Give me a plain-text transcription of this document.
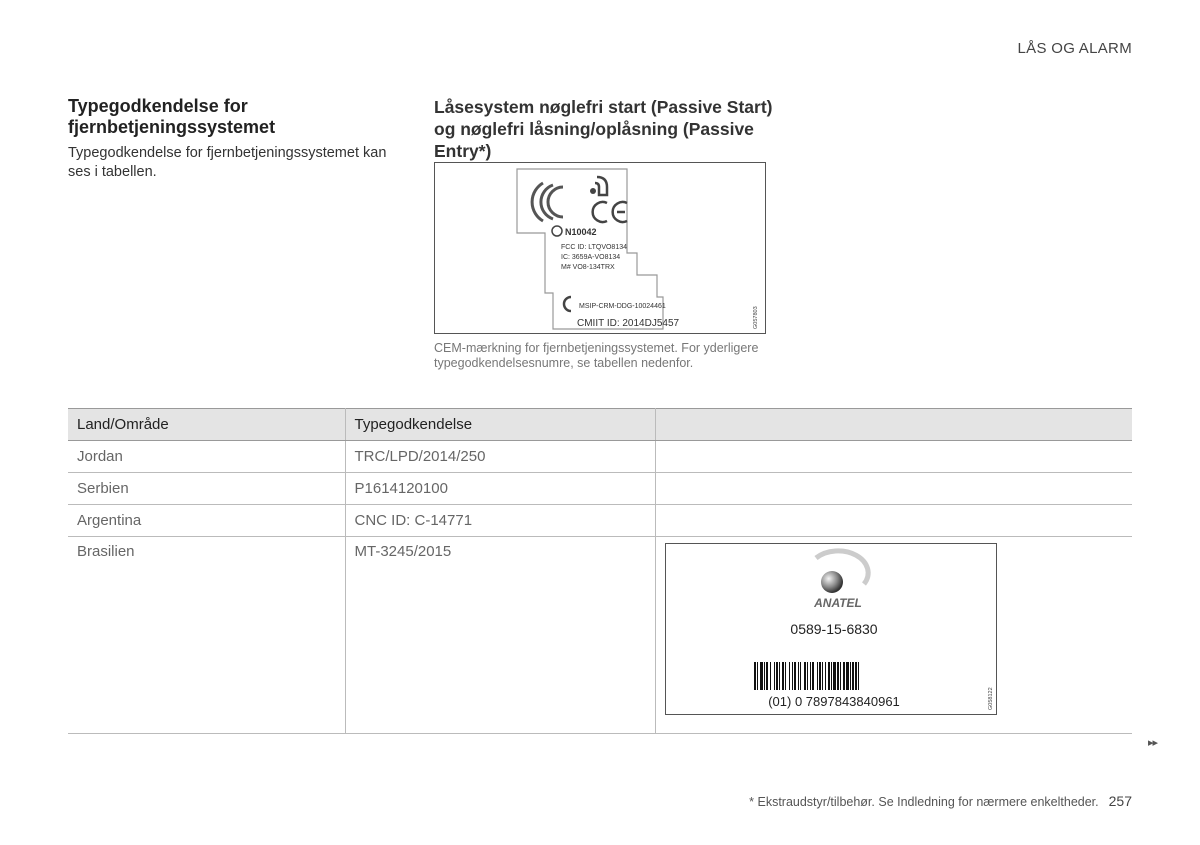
LÅS OG ALARM
Typegodkendelse for fjernbetjeningssystemet

Typegodkendelse for fjernbetjeningssystemet kan ses i tabellen.

Låsesystem nøglefri start (Passive Start) og nøglefri låsning/oplåsning (Passive Entry*)
N10042
FCC ID: LTQVO8134
IC: 3659A-VO8134
M# VO8-134TRX
MSIP-CRM-DDG-10024461
CMIIT ID: 2014DJ5457	G057803
CEM-mærkning for fjernbetjeningssystemet. For yderligere typegodkendelsesnumre, se tabellen nedenfor.
Land/Område	Typegodkendelse	
Jordan	TRC/LPD/2014/250	
Serbien	P1614120100	
Argentina	CNC ID: C-14771	
Brasilien	MT-3245/2015	ANATEL
0589-15-6830
(01) 0 7897843840961 G058122
▸▸
* Ekstraudstyr/tilbehør. Se Indledning for nærmere enkeltheder. 257
